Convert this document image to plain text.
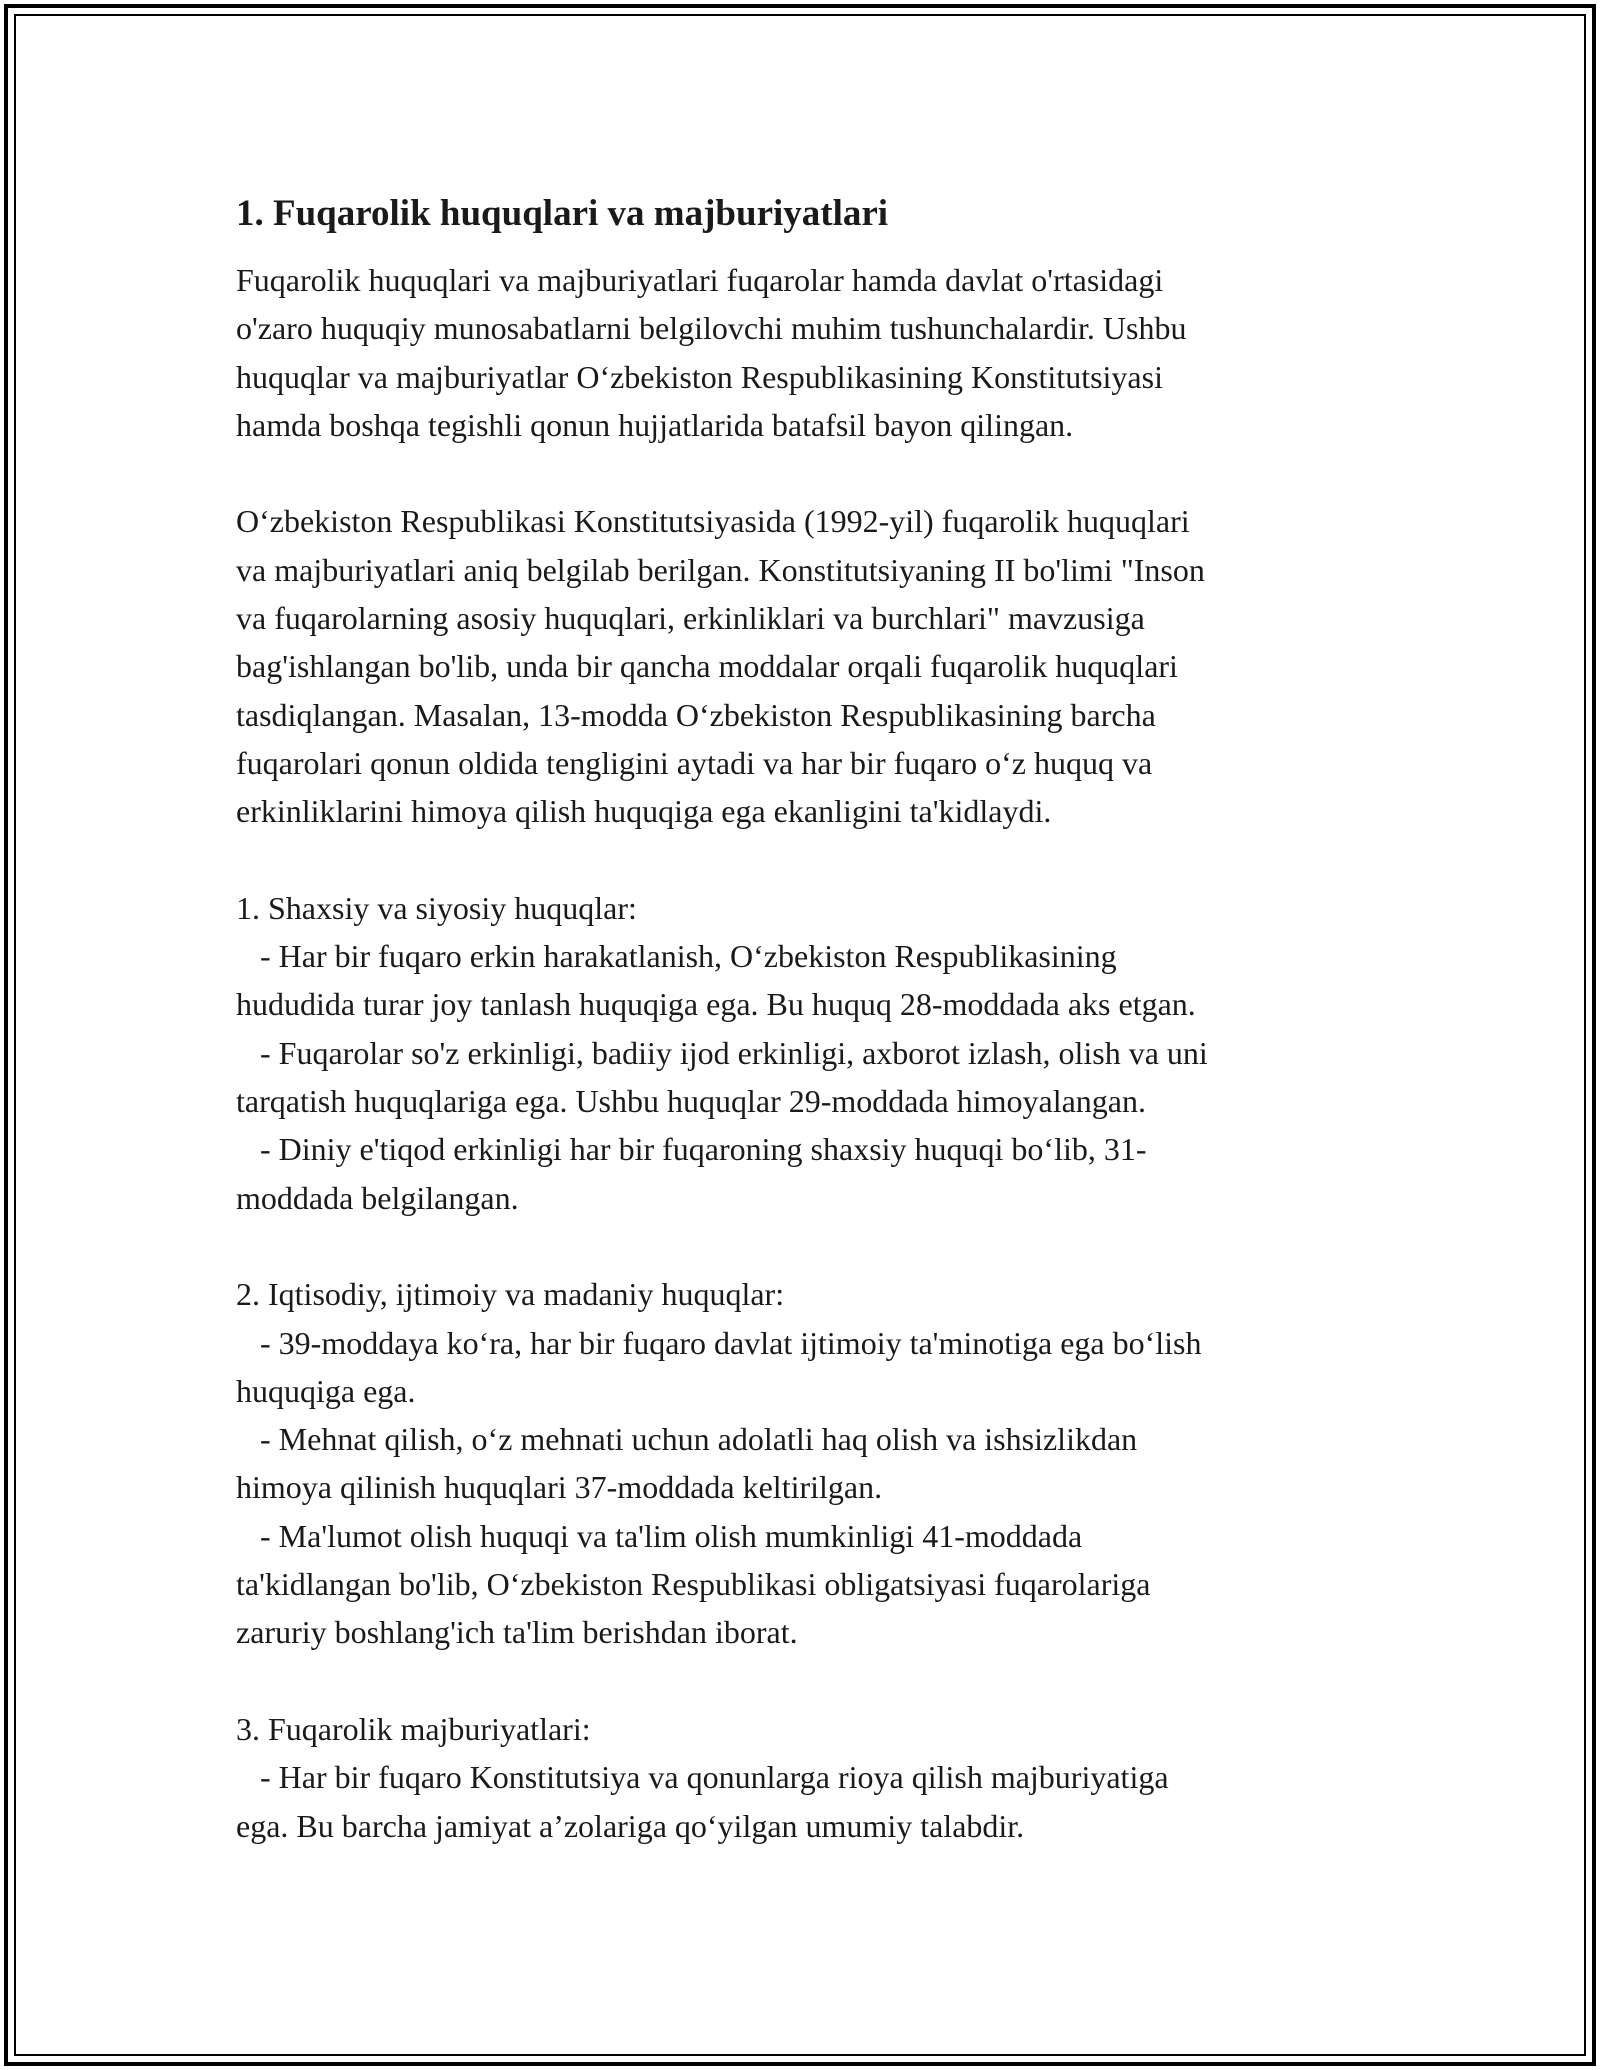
1. Fuqarolik huquqlari va majburiyatlari
Fuqarolik huquqlari va majburiyatlari fuqarolar hamda davlat o'rtasidagi
o'zaro huquqiy munosabatlarni belgilovchi muhim tushunchalardir. Ushbu
huquqlar va majburiyatlar O‘zbekiston Respublikasining Konstitutsiyasi
hamda boshqa tegishli qonun hujjatlarida batafsil bayon qilingan.
O‘zbekiston Respublikasi Konstitutsiyasida (1992-yil) fuqarolik huquqlari
va majburiyatlari aniq belgilab berilgan. Konstitutsiyaning II bo'limi "Inson
va fuqarolarning asosiy huquqlari, erkinliklari va burchlari" mavzusiga
bag'ishlangan bo'lib, unda bir qancha moddalar orqali fuqarolik huquqlari
tasdiqlangan. Masalan, 13-modda O‘zbekiston Respublikasining barcha
fuqarolari qonun oldida tengligini aytadi va har bir fuqaro o‘z huquq va
erkinliklarini himoya qilish huquqiga ega ekanligini ta'kidlaydi.
1. Shaxsiy va siyosiy huquqlar:
- Har bir fuqaro erkin harakatlanish, O‘zbekiston Respublikasining
hududida turar joy tanlash huquqiga ega. Bu huquq 28-moddada aks etgan.
- Fuqarolar so'z erkinligi, badiiy ijod erkinligi, axborot izlash, olish va uni
tarqatish huquqlariga ega. Ushbu huquqlar 29-moddada himoyalangan.
- Diniy e'tiqod erkinligi har bir fuqaroning shaxsiy huquqi bo‘lib, 31-
moddada belgilangan.
2. Iqtisodiy, ijtimoiy va madaniy huquqlar:
- 39-moddaya ko‘ra, har bir fuqaro davlat ijtimoiy ta'minotiga ega bo‘lish
huquqiga ega.
- Mehnat qilish, o‘z mehnati uchun adolatli haq olish va ishsizlikdan
himoya qilinish huquqlari 37-moddada keltirilgan.
- Ma'lumot olish huquqi va ta'lim olish mumkinligi 41-moddada
ta'kidlangan bo'lib, O‘zbekiston Respublikasi obligatsiyasi fuqarolariga
zaruriy boshlang'ich ta'lim berishdan iborat.
3. Fuqarolik majburiyatlari:
- Har bir fuqaro Konstitutsiya va qonunlarga rioya qilish majburiyatiga
ega. Bu barcha jamiyat a’zolariga qo‘yilgan umumiy talabdir.
